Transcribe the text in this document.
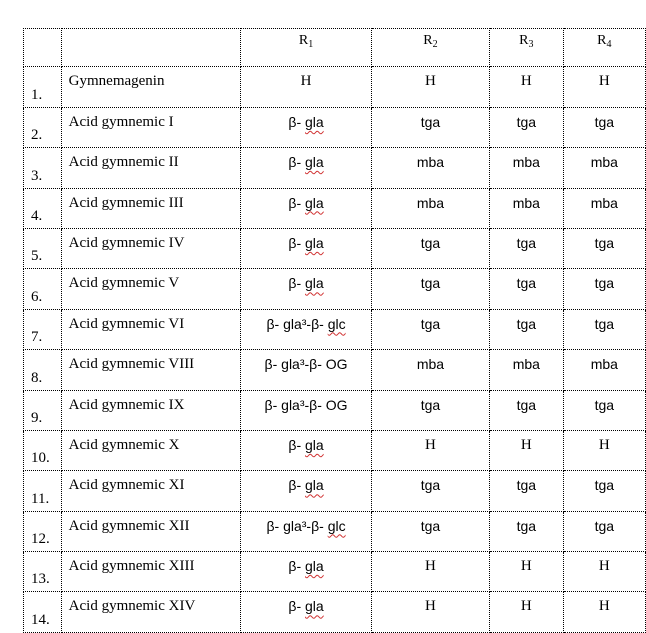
		$R_1$	$R_2$	$R_3$	$R_4$
1.	Gymnemagenin	H	H	H	H
2.	Acid gymnemic I	β- gla	tga	tga	tga
3.	Acid gymnemic II	β- gla	mba	mba	mba
4.	Acid gymnemic III	β- gla	mba	mba	mba
5.	Acid gymnemic IV	β- gla	tga	tga	tga
6.	Acid gymnemic V	β- gla	tga	tga	tga
7.	Acid gymnemic VI	β- gla³-β- glc	tga	tga	tga
8.	Acid gymnemic VIII	β- gla³-β- OG	mba	mba	mba
9.	Acid gymnemic IX	β- gla³-β- OG	tga	tga	tga
10.	Acid gymnemic X	β- gla	H	H	H
11.	Acid gymnemic XI	β- gla	tga	tga	tga
12.	Acid gymnemic XII	β- gla³-β- glc	tga	tga	tga
13.	Acid gymnemic XIII	β- gla	H	H	H
14.	Acid gymnemic XIV	β- gla	H	H	H
